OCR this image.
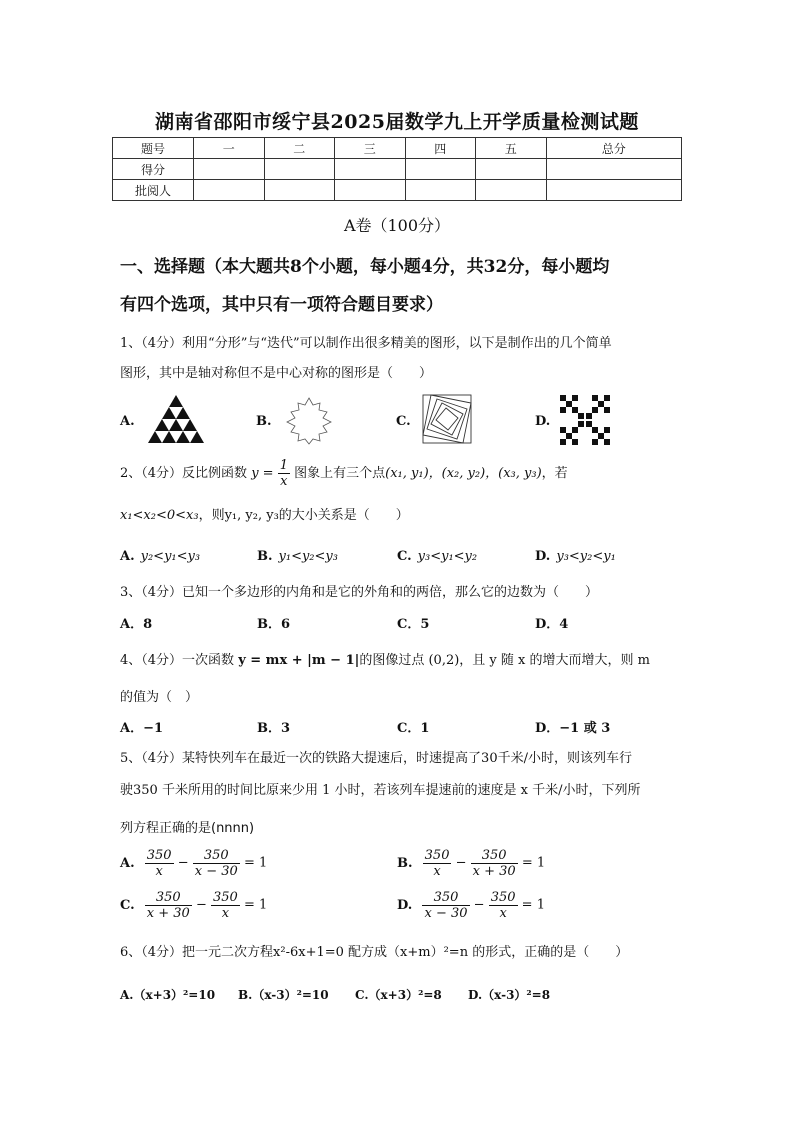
湖南省邵阳市绥宁县2025届数学九上开学质量检测试题
题号	一	二	三	四	五	总分
得分						
批阅人						
A卷（100分）
一、选择题（本大题共8个小题，每小题4分，共32分，每小题均
有四个选项，其中只有一项符合题目要求）
1、（4分）利用“分形”与“迭代”可以制作出很多精美的图形，以下是制作出的几个简单
图形，其中是轴对称但不是中心对称的图形是（　　）
A.	B.	C.	D.
2、（4分）反比例函数 $y = \frac{1}{x}$ 图象上有三个点(x₁, y₁)，(x₂, y₂)，(x₃, y₃)，若
x₁<x₂<0<x₃，则y₁, y₂, y₃的大小关系是（　　）
A. y₂<y₁<y₃	B. y₁<y₂<y₃	C. y₃<y₁<y₂	D. y₃<y₂<y₁
3、（4分）已知一个多边形的内角和是它的外角和的两倍，那么它的边数为（　　）
A．8	B．6	C．5	D．4
4、（4分）一次函数 y = mx + |m − 1|的图像过点 (0,2)，且 y 随 x 的增大而增大，则 m
的值为（　）
A．−1	B．3	C．1	D．−1 或 3
5、（4分）某特快列车在最近一次的铁路大提速后，时速提高了30千米/小时，则该列车行
驶350 千米所用的时间比原来少用 1 小时，若该列车提速前的速度是 x 千米/小时，下列所
列方程正确的是(nnnn)
A. $\frac{350}{x} - \frac{350}{x - 30} = 1$	B. $\frac{350}{x} - \frac{350}{x + 30} = 1$
C. $\frac{350}{x + 30} - \frac{350}{x} = 1$	D. $\frac{350}{x - 30} - \frac{350}{x} = 1$
6、（4分）把一元二次方程x²-6x+1=0 配方成（x+m）²=n 的形式，正确的是（　　）
A.（x+3）²=10 B.（x-3）²=10 C.（x+3）²=8 D.（x-3）²=8
